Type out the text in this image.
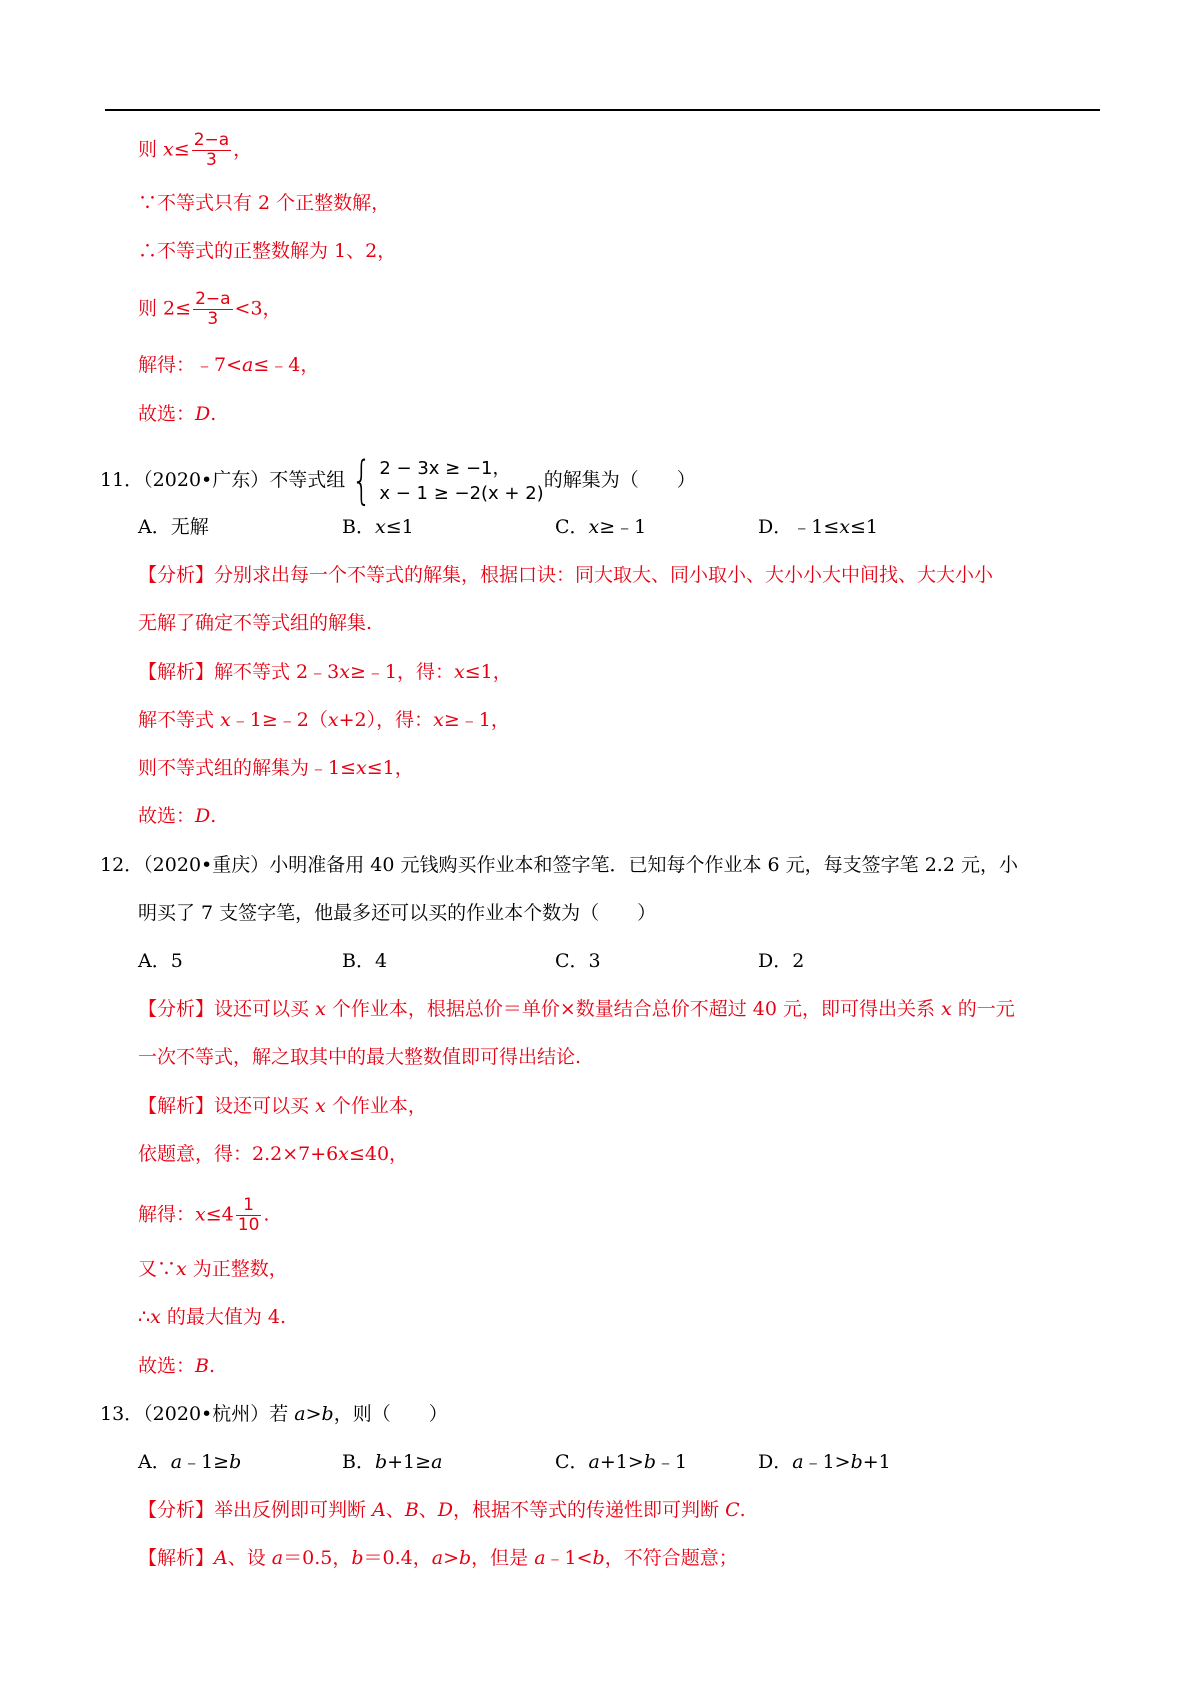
则 $x\le \frac{2-a}{3}$ ，
∵不等式只有 2 个正整数解，
∴不等式的正整数解为 1、2，
则 $2\le \frac{2-a}{3} <3$，
解得：﹣7<a≤﹣4，
故选：D.
11．（2020•广东）不等式组 { 2 − 3x ≥ −1，
x − 1 ≥ −2(x + 2)
的解集为（　　）
A．无解	B．x≤1	C．x≥﹣1	D．﹣1≤x≤1
【分析】分别求出每一个不等式的解集，根据口诀：同大取大、同小取小、大小小大中间找、大大小小
无解了确定不等式组的解集.
【解析】解不等式 2﹣3x≥﹣1，得：x≤1，
解不等式 x﹣1≥﹣2（x+2），得：x≥﹣1，
则不等式组的解集为﹣1≤x≤1，
故选：D.
12．（2020•重庆）小明准备用 40 元钱购买作业本和签字笔．已知每个作业本 6 元，每支签字笔 2.2 元，小
明买了 7 支签字笔，他最多还可以买的作业本个数为（　　）
A．5	B．4	C．3	D．2
【分析】设还可以买 x 个作业本，根据总价＝单价×数量结合总价不超过 40 元，即可得出关系 x 的一元
一次不等式，解之取其中的最大整数值即可得出结论.
【解析】设还可以买 x 个作业本，
依题意，得：2.2×7+6x≤40，
解得：$x\le 4 \frac{1}{10}$ .
又∵x 为正整数，
∴x 的最大值为 4.
故选：B.
13．（2020•杭州）若 a>b，则（　　）
A．a﹣1≥b	B．b+1≥a	C．a+1>b﹣1	D．a﹣1>b+1
【分析】举出反例即可判断 A、B、D，根据不等式的传递性即可判断 C.
【解析】A、设 a＝0.5，b＝0.4，a>b，但是 a﹣1<b，不符合题意；
